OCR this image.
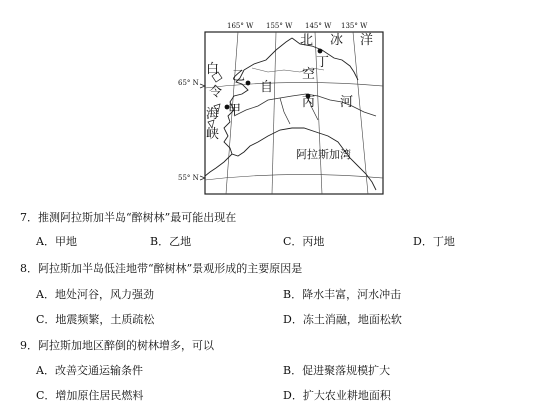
165° W 155° W 145° W 135° W
65° N
55° N
北 冰 洋
丁
白 乙
令	自
空
甲
海
峡
丙 河
阿拉斯加湾
7．推测阿拉斯加半岛“醉树林”最可能出现在
A．甲地	B．乙地	C．丙地	D．丁地
8．阿拉斯加半岛低洼地带“醉树林”景观形成的主要原因是
A．地处河谷，风力强劲	B．降水丰富，河水冲击
C．地震频繁，土质疏松	D．冻土消融，地面松软
9．阿拉斯加地区醉倒的树林增多，可以
A．改善交通运输条件	B．促进聚落规模扩大
C．增加原住居民燃料	D．扩大农业耕地面积
